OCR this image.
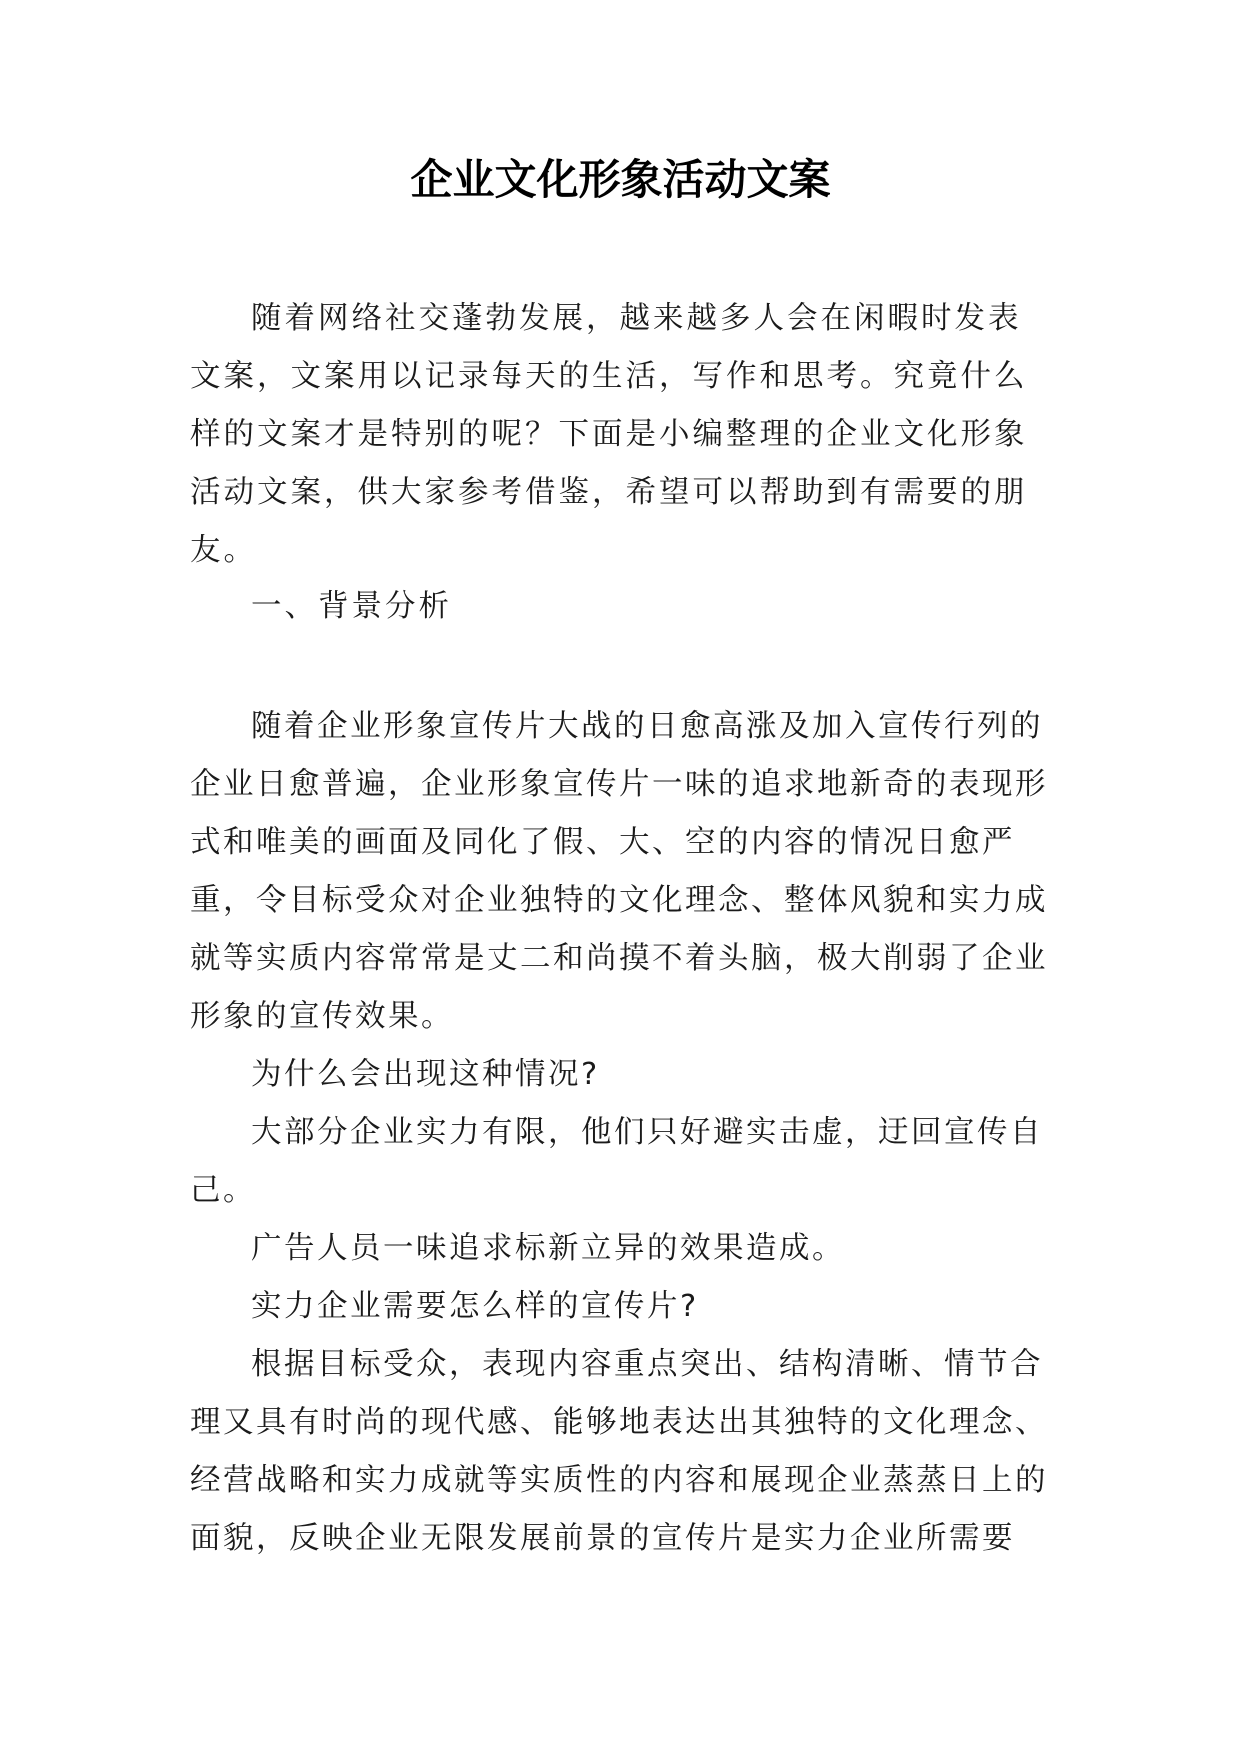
企业文化形象活动文案

随着网络社交蓬勃发展，越来越多人会在闲暇时发表文案，文案用以记录每天的生活，写作和思考。究竟什么样的文案才是特别的呢？下面是小编整理的企业文化形象活动文案，供大家参考借鉴，希望可以帮助到有需要的朋友。

一、背景分析

随着企业形象宣传片大战的日愈高涨及加入宣传行列的企业日愈普遍，企业形象宣传片一味的追求地新奇的表现形式和唯美的画面及同化了假、大、空的内容的情况日愈严重，令目标受众对企业独特的文化理念、整体风貌和实力成就等实质内容常常是丈二和尚摸不着头脑，极大削弱了企业形象的宣传效果。

为什么会出现这种情况?

大部分企业实力有限，他们只好避实击虚，迂回宣传自己。

广告人员一味追求标新立异的效果造成。

实力企业需要怎么样的宣传片?

根据目标受众，表现内容重点突出、结构清晰、情节合理又具有时尚的现代感、能够地表达出其独特的文化理念、经营战略和实力成就等实质性的内容和展现企业蒸蒸日上的面貌，反映企业无限发展前景的宣传片是实力企业所需要
